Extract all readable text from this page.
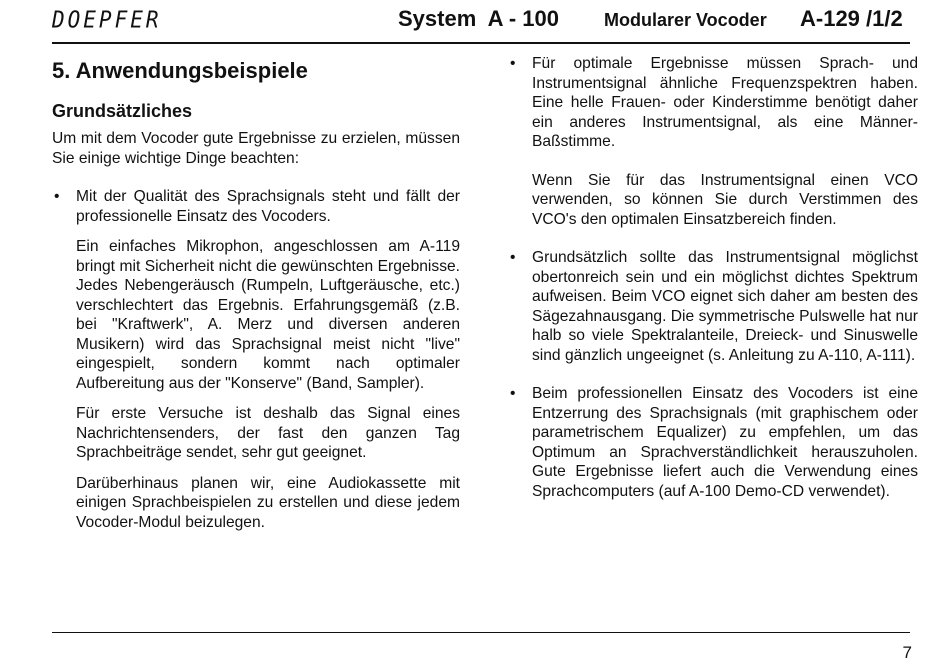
DOEPFER	System  A - 100 Modularer Vocoder A-129 /1/2
5. Anwendungsbeispiele
Grundsätzliches

Um mit dem Vocoder gute Ergebnisse zu erzielen, müssen Sie einige wichtige Dinge beachten:

• Mit der Qualität des Sprachsignals steht und fällt der professionelle Einsatz des Vocoders.

Ein einfaches Mikrophon, angeschlossen am A-119 bringt mit Sicherheit nicht die gewünschten Ergebnisse. Jedes Nebengeräusch (Rumpeln, Luftgeräusche, etc.) verschlechtert das Ergebnis. Erfahrungsgemäß (z.B. bei "Kraftwerk", A. Merz und diversen anderen Musikern) wird das Sprachsignal meist nicht "live" eingespielt, sondern kommt nach optimaler Aufbereitung aus der "Konserve" (Band, Sampler).

Für erste Versuche ist deshalb das Signal eines Nachrichtensenders, der fast den ganzen Tag Sprachbeiträge sendet, sehr gut geeignet.

Darüberhinaus planen wir, eine Audiokassette mit einigen Sprachbeispielen zu erstellen und diese jedem Vocoder-Modul beizulegen.

• Für optimale Ergebnisse müssen Sprach- und Instrumentsignal ähnliche Frequenzspektren haben. Eine helle Frauen- oder Kinderstimme benötigt daher ein anderes Instrumentsignal, als eine Männer-Baßstimme.

Wenn Sie für das Instrumentsignal einen VCO verwenden, so können Sie durch Verstimmen des VCO's den optimalen Einsatzbereich finden.

• Grundsätzlich sollte das Instrumentsignal möglichst obertonreich sein und ein möglichst dichtes Spektrum aufweisen. Beim VCO eignet sich daher am besten des Sägezahnausgang. Die symmetrische Pulswelle hat nur halb so viele Spektralanteile, Dreieck- und Sinuswelle sind gänzlich ungeeignet (s. Anleitung zu A-110, A-111).

• Beim professionellen Einsatz des Vocoders ist eine Entzerrung des Sprachsignals (mit graphischem oder parametrischem Equalizer) zu empfehlen, um das Optimum an Sprachverständlichkeit herauszuholen. Gute Ergebnisse liefert auch die Verwendung eines Sprachcomputers (auf A-100 Demo-CD verwendet).

7
